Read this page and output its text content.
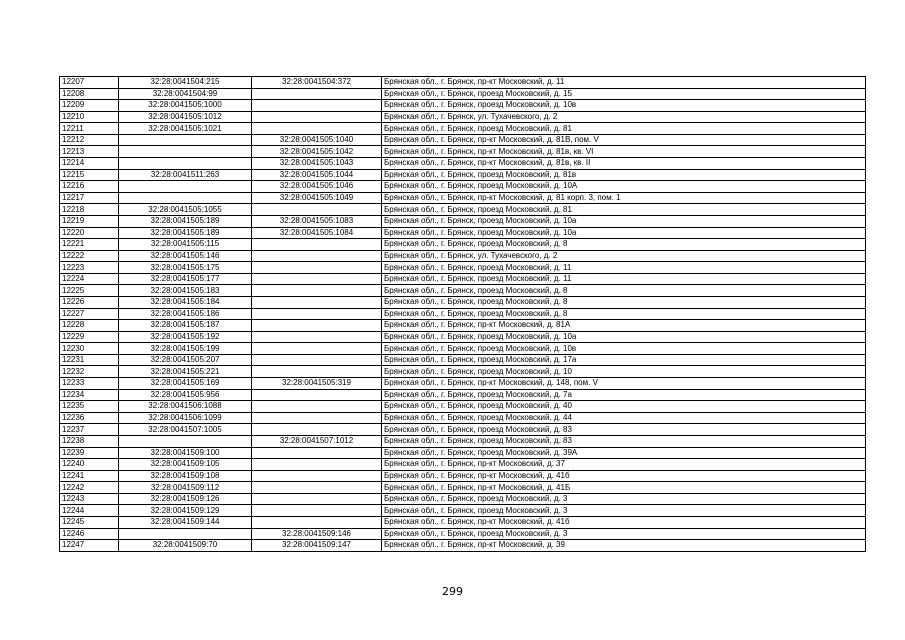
12207	32:28:0041504:215	32:28:0041504:372	Брянская обл., г. Брянск, пр-кт Московский, д. 11
12208	32:28:0041504:99		Брянская обл., г. Брянск, проезд Московский, д. 15
12209	32:28:0041505:1000		Брянская обл., г. Брянск, проезд Московский, д. 10в
12210	32:28:0041505:1012		Брянская обл., г. Брянск, ул. Тухачевского, д. 2
12211	32:28:0041505:1021		Брянская обл., г. Брянск, проезд Московский, д. 81
12212		32:28:0041505:1040	Брянская обл., г. Брянск, пр-кт Московский, д. 81В, пом. V
12213		32:28:0041505:1042	Брянская обл., г. Брянск, пр-кт Московский, д. 81в, кв. VI
12214		32:28:0041505:1043	Брянская обл., г. Брянск, пр-кт Московский, д. 81в, кв. II
12215	32:28:0041511:263	32:28:0041505:1044	Брянская обл., г. Брянск, проезд Московский, д. 81в
12216		32:28:0041505:1046	Брянская обл., г. Брянск, проезд Московский, д. 10А
12217		32:28:0041505:1049	Брянская обл., г. Брянск, пр-кт Московский, д. 81 корп. 3, пом. 1
12218	32:28:0041505:1055		Брянская обл., г. Брянск, проезд Московский, д. 81
12219	32:28:0041505:189	32:28:0041505:1083	Брянская обл., г. Брянск, проезд Московский, д. 10а
12220	32:28:0041505:189	32:28:0041505:1084	Брянская обл., г. Брянск, проезд Московский, д. 10а
12221	32:28:0041505:115		Брянская обл., г. Брянск, проезд Московский, д. 8
12222	32:28:0041505:146		Брянская обл., г. Брянск, ул. Тухачевского, д. 2
12223	32:28:0041505:175		Брянская обл., г. Брянск, проезд Московский, д. 11
12224	32:28:0041505:177		Брянская обл., г. Брянск, проезд Московский, д. 11
12225	32:28:0041505:183		Брянская обл., г. Брянск, проезд Московский, д. 8
12226	32:28:0041505:184		Брянская обл., г. Брянск, проезд Московский, д. 8
12227	32:28:0041505:186		Брянская обл., г. Брянск, проезд Московский, д. 8
12228	32:28:0041505:187		Брянская обл., г. Брянск, пр-кт Московский, д. 81А
12229	32:28:0041505:192		Брянская обл., г. Брянск, проезд Московский, д. 10а
12230	32:28:0041505:199		Брянская обл., г. Брянск, проезд Московский, д. 10в
12231	32:28:0041505:207		Брянская обл., г. Брянск, проезд Московский, д. 17а
12232	32:28:0041505:221		Брянская обл., г. Брянск, проезд Московский, д. 10
12233	32:28:0041505:169	32:28:0041505:319	Брянская обл., г. Брянск, пр-кт Московский, д. 148, пом. V
12234	32:28:0041505:956		Брянская обл., г. Брянск, проезд Московский, д. 7а
12235	32:28:0041506:1088		Брянская обл., г. Брянск, проезд Московский, д. 40
12236	32:28:0041506:1099		Брянская обл., г. Брянск, проезд Московский, д. 44
12237	32:28:0041507:1005		Брянская обл., г. Брянск, проезд Московский, д. 83
12238		32:28:0041507:1012	Брянская обл., г. Брянск, проезд Московский, д. 83
12239	32:28:0041509:100		Брянская обл., г. Брянск, проезд Московский, д. 39А
12240	32:28:0041509:105		Брянская обл., г. Брянск, пр-кт Московский, д. 37
12241	32:28:0041509:108		Брянская обл., г. Брянск, пр-кт Московский, д. 41б
12242	32:28:0041509:112		Брянская обл., г. Брянск, пр-кт Московский, д. 41Б
12243	32:28:0041509:126		Брянская обл., г. Брянск, проезд Московский, д. 3
12244	32:28:0041509:129		Брянская обл., г. Брянск, проезд Московский, д. 3
12245	32:28:0041509:144		Брянская обл., г. Брянск, пр-кт Московский, д. 41б
12246		32:28:0041509:146	Брянская обл., г. Брянск, проезд Московский, д. 3
12247	32:28:0041509:70	32:28:0041509:147	Брянская обл., г. Брянск, пр-кт Московский, д. 39
299
